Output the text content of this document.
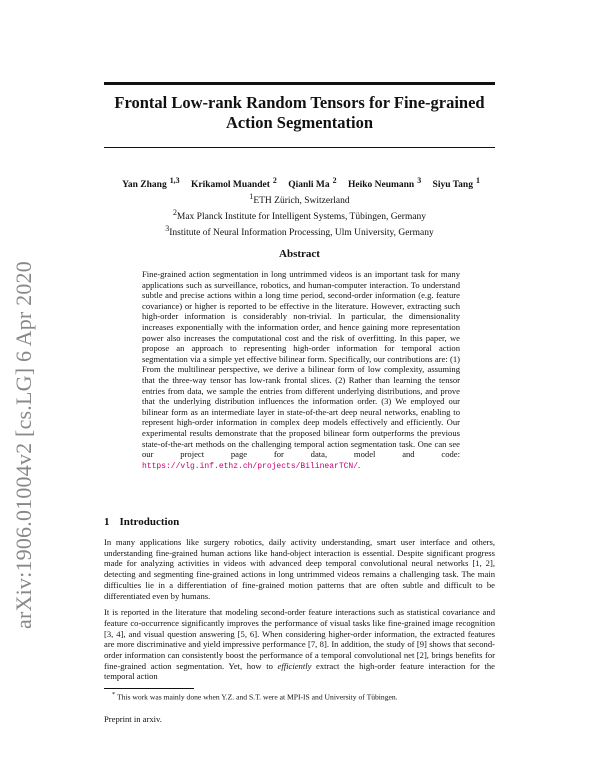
arXiv:1906.01004v2 [cs.LG] 6 Apr 2020
Frontal Low-rank Random Tensors for Fine-grained
Action Segmentation
Yan Zhang $^{1,3}$ Krikamol Muandet $^2$ Qianli Ma $^2$ Heiko Neumann $^3$ Siyu Tang $^1$
$^1$ETH Zürich, Switzerland
$^2$Max Planck Institute for Intelligent Systems, Tübingen, Germany
$^3$Institute of Neural Information Processing, Ulm University, Germany
Abstract

Fine-grained action segmentation in long untrimmed videos is an important task for many applications such as surveillance, robotics, and human-computer interaction. To understand subtle and precise actions within a long time period, second-order information (e.g. feature covariance) or higher is reported to be effective in the literature. However, extracting such high-order information is considerably non-trivial. In particular, the dimensionality increases exponentially with the information order, and hence gaining more representation power also increases the computational cost and the risk of overfitting. In this paper, we propose an approach to representing high-order information for temporal action segmentation via a simple yet effective bilinear form. Specifically, our contributions are: (1) From the multilinear perspective, we derive a bilinear form of low complexity, assuming that the three-way tensor has low-rank frontal slices. (2) Rather than learning the tensor entries from data, we sample the entries from different underlying distributions, and prove that the underlying distribution influences the information order. (3) We employed our bilinear form as an intermediate layer in state-of-the-art deep neural networks, enabling to represent high-order information in complex deep models effectively and efficiently. Our experimental results demonstrate that the proposed bilinear form outperforms the previous state-of-the-art methods on the challenging temporal action segmentation task. One can see our project page for data, model and code: https://vlg.inf.ethz.ch/projects/BilinearTCN/.

1 Introduction

In many applications like surgery robotics, daily activity understanding, smart user interface and others, understanding fine-grained human actions like hand-object interaction is essential. Despite significant progress made for analyzing activities in videos with advanced deep temporal convolutional neural networks [1, 2], detecting and segmenting fine-grained actions in long untrimmed videos remains a challenging task. The main difficulties lie in a differentiation of fine-grained motion patterns that are often subtle and difficult to be differentiated even by humans.

It is reported in the literature that modeling second-order feature interactions such as statistical covariance and feature co-occurrence significantly improves the performance of visual tasks like fine-grained image recognition [3, 4], and visual question answering [5, 6]. When considering higher-order information, the extracted features are more discriminative and yield impressive performance [7, 8]. In addition, the study of [9] shows that second-order information can consistently boost the performance of a temporal convolutional net [2], brings benefits for fine-grained action segmentation. Yet, how to efficiently extract the high-order feature interaction for the temporal action

* This work was mainly done when Y.Z. and S.T. were at MPI-IS and University of Tübingen.
Preprint in arxiv.
